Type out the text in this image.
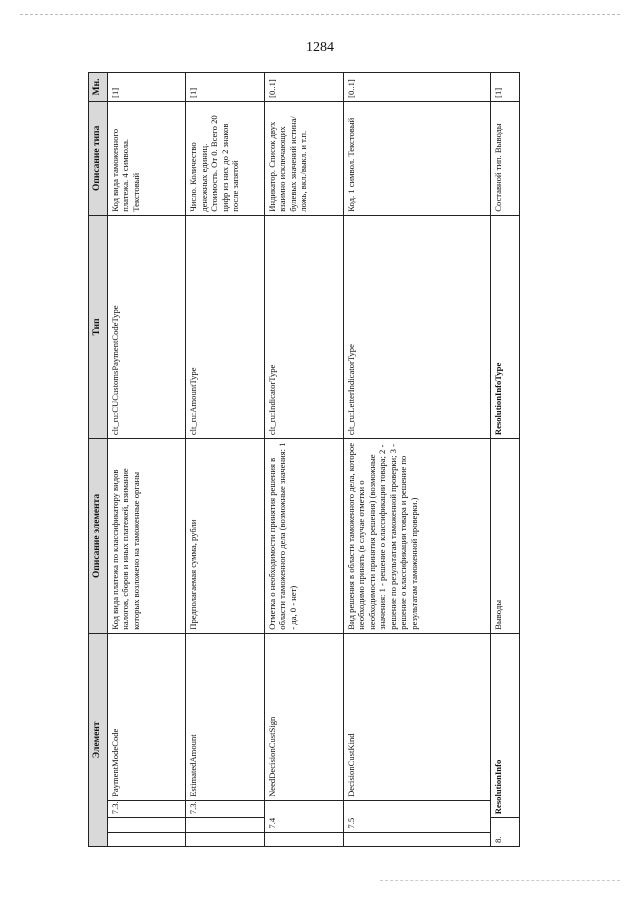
1284
Элемент				Описание элемента	Тип	Описание типа	Мн.
		7.3.	PaymentModeCode	Код вида платежа по классификатору видов налогов, сборов и иных платежей, взимание которых возложено на таможенные органы	clt_ru:CUCustomsPaymentCodeType	Код вида таможенного платежа. 4 символа. Текстовый	[1]
		7.3.	EstimatedAmount	Предполагаемая сумма, рубли	clt_ru:AmountType	Число. Количество денежных единиц. Стоимость. От 0. Всего 20 цифр из них до 2 знаков после запятой	[1]
	7.4		NeedDecisionCustSign	Отметка о необходимости принятия решения в области таможенного дела (возможные значения: 1 - да, 0 - нет)	clt_ru:IndicatorType	Индикатор. Список двух взаимно исключающих булевых значений истина/ложь, вкл./выкл. и т.п.	[0..1]
	7.5		DecisionCustKind	Вид решения в области таможенного дела, которое необходимо принять (в случае отметки о необходимости принятия решения) (возможные значения: 1 - решение о классификации товара; 2 - решение по результатам таможенной проверки; 3 - решение о классификации товара и решение по результатам таможенной проверки.)	clt_ru:LetterIndicatorType	Код. 1 символ. Текстовый	[0..1]
8.		ResolutionInfo		Выводы	ResolutionInfoType	Составной тип. Выводы	[1]
